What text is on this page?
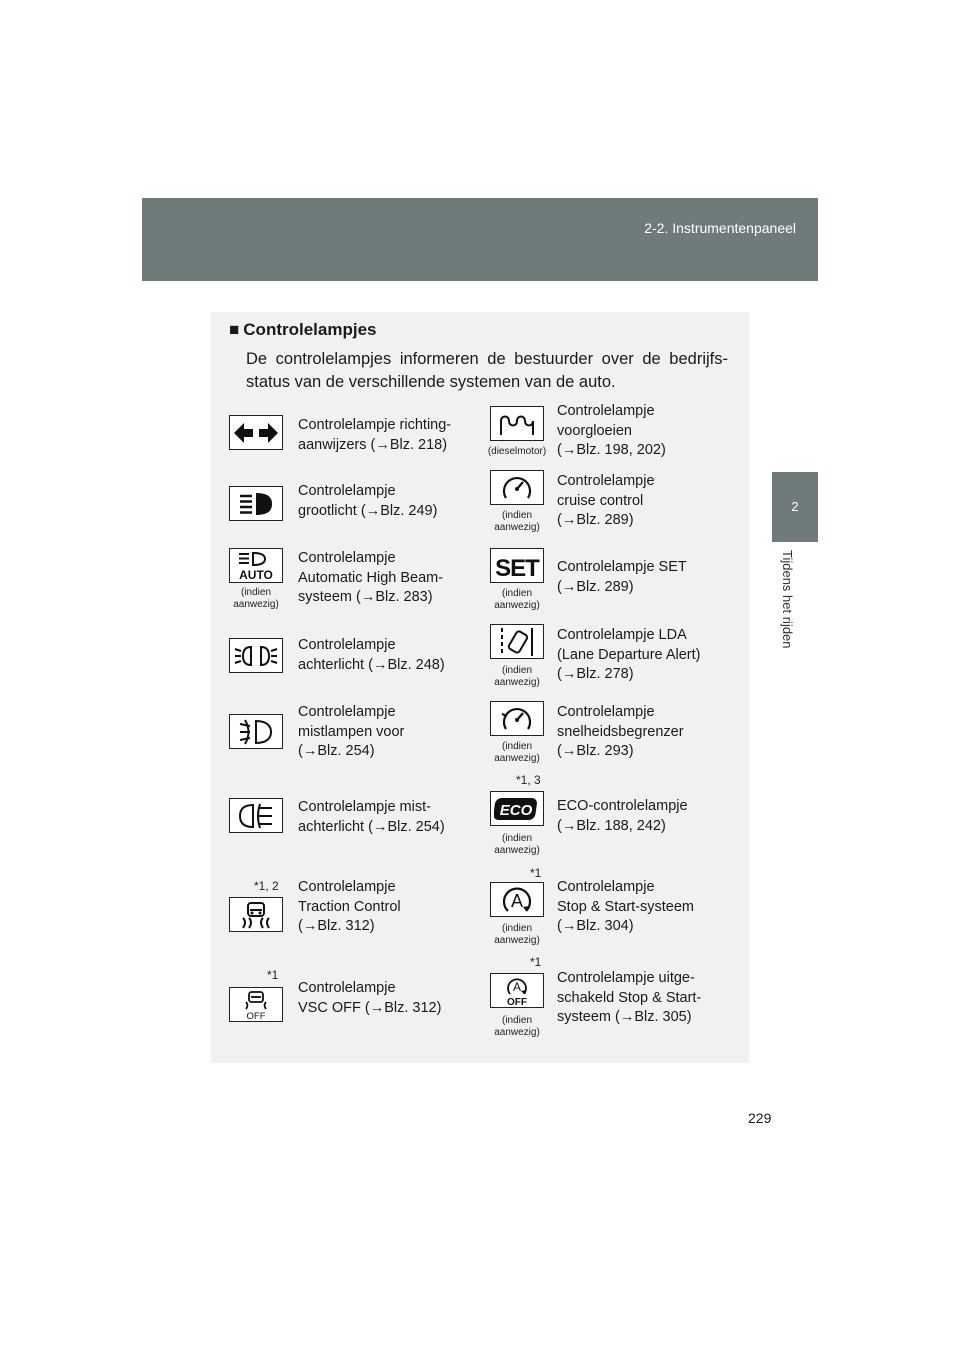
2-2. Instrumentenpaneel
2
Tijdens het rijden
■ Controlelampjes
De controlelampjes informeren de bestuurder over de bedrijfs-status van de verschillende systemen van de auto.
Controlelampje richting-
aanwijzers (→Blz. 218)
Controlelampje
grootlicht (→Blz. 249)
AUTO
(indien
aanwezig)
Controlelampje
Automatic High Beam-
systeem (→Blz. 283)
Controlelampje
achterlicht (→Blz. 248)
Controlelampje
mistlampen voor
(→Blz. 254)
Controlelampje mist-
achterlicht (→Blz. 254)
*1, 2 Controlelampje
Traction Control
(→Blz. 312)
*1
OFF
Controlelampje
VSC OFF (→Blz. 312)
(dieselmotor)
Controlelampje
voorgloeien
(→Blz. 198, 202)
(indien
aanwezig)
Controlelampje
cruise control
(→Blz. 289)
SET
(indien
aanwezig)
Controlelampje SET
(→Blz. 289)
(indien
aanwezig)
Controlelampje LDA
(Lane Departure Alert)
(→Blz. 278)
(indien
aanwezig)
Controlelampje
snelheidsbegrenzer
(→Blz. 293)
*1, 3
ECO
(indien
aanwezig)
ECO-controlelampje
(→Blz. 188, 242)
*1
A
(indien
aanwezig)
Controlelampje
Stop & Start-systeem
(→Blz. 304)
*1
A
OFF
(indien
aanwezig)
Controlelampje uitge-
schakeld Stop & Start-
systeem (→Blz. 305)
229
